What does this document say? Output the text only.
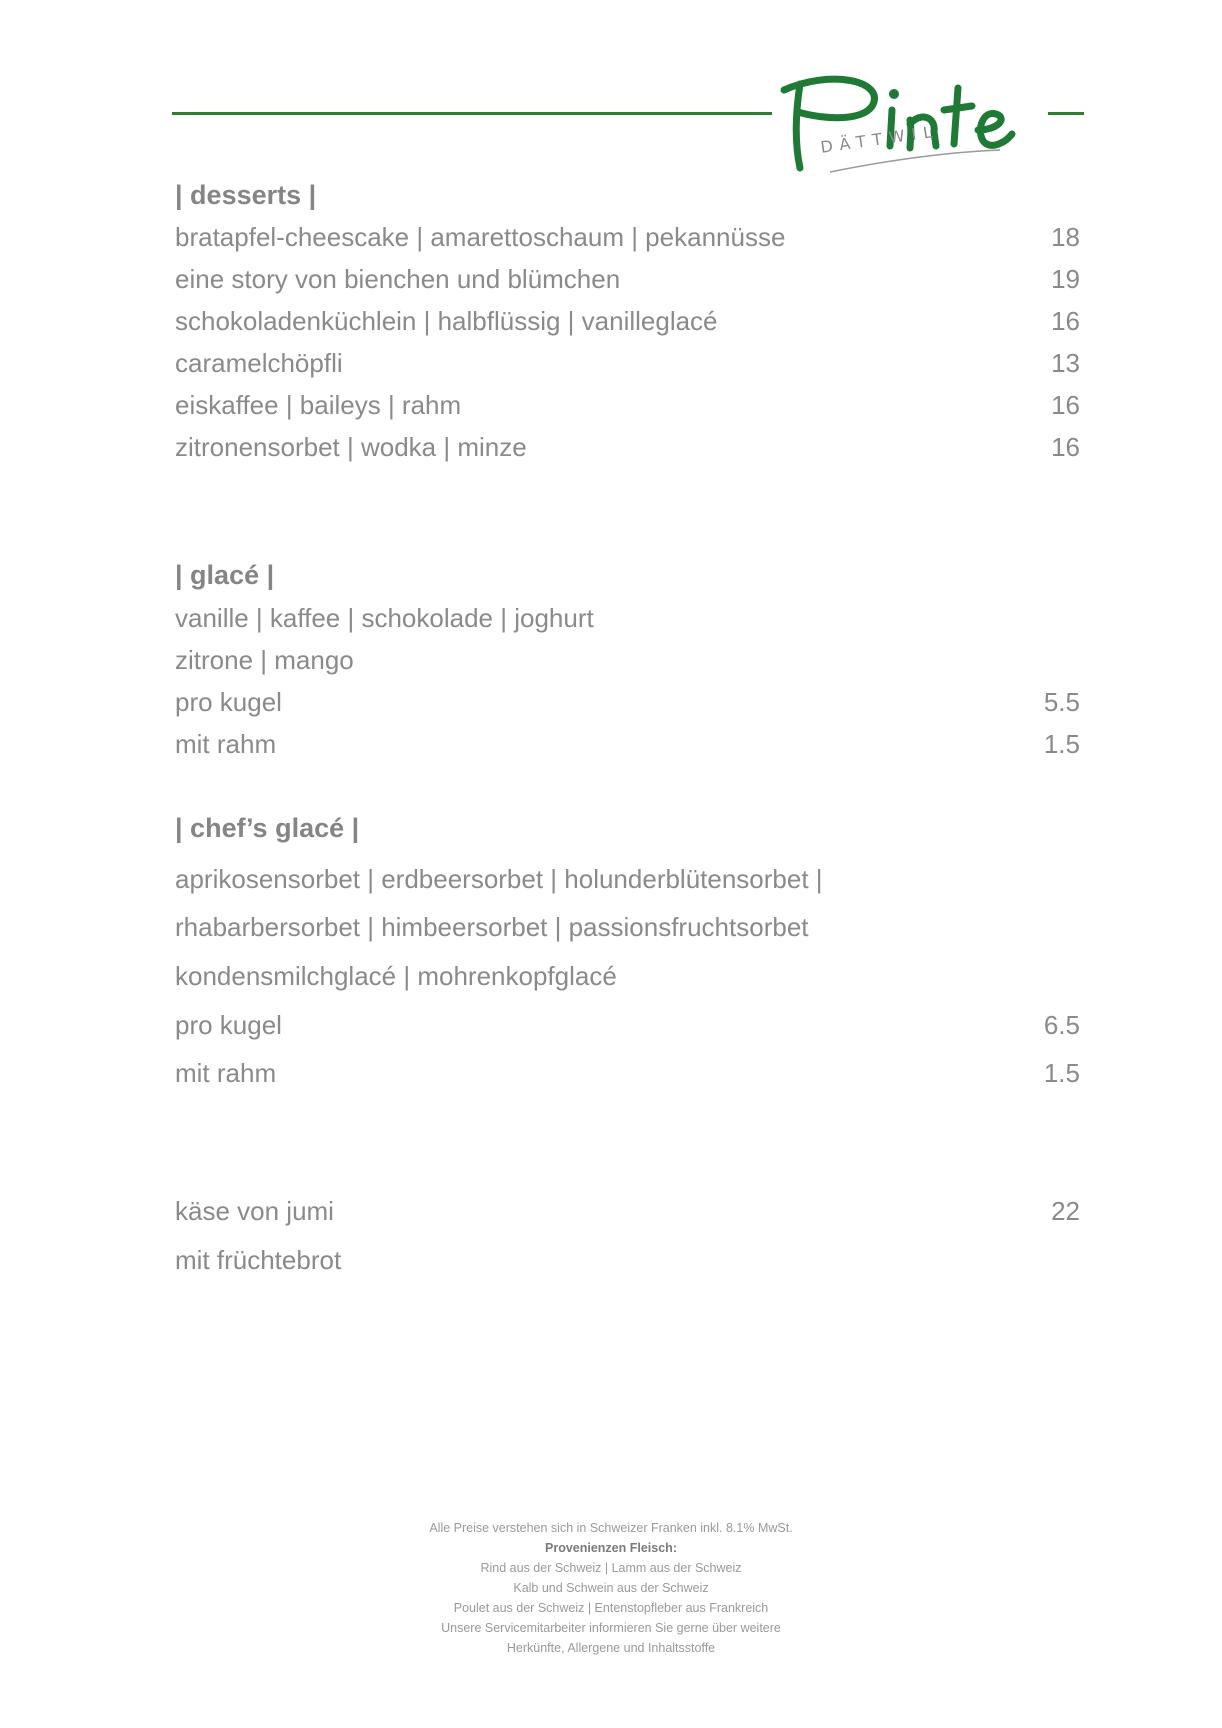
DÄTTWIL
| desserts |
bratapfel-cheescake | amarettoschaum | pekannüsse	18
eine story von bienchen und blümchen	19
schokoladenküchlein | halbflüssig | vanilleglacé	16
caramelchöpfli	13
eiskaffee | baileys | rahm	16
zitronensorbet | wodka | minze	16
| glacé |
vanille | kaffee | schokolade | joghurt
zitrone | mango
pro kugel	5.5
mit rahm	1.5
| chef’s glacé |
aprikosensorbet | erdbeersorbet | holunderblütensorbet |
rhabarbersorbet | himbeersorbet | passionsfruchtsorbet
kondensmilchglacé | mohrenkopfglacé
pro kugel	6.5
mit rahm	1.5
käse von jumi	22
mit früchtebrot
Alle Preise verstehen sich in Schweizer Franken inkl. 8.1% MwSt.
Provenienzen Fleisch:
Rind aus der Schweiz | Lamm aus der Schweiz
Kalb und Schwein aus der Schweiz
Poulet aus der Schweiz | Entenstopfleber aus Frankreich
Unsere Servicemitarbeiter informieren Sie gerne über weitere
Herkünfte, Allergene und Inhaltsstoffe
